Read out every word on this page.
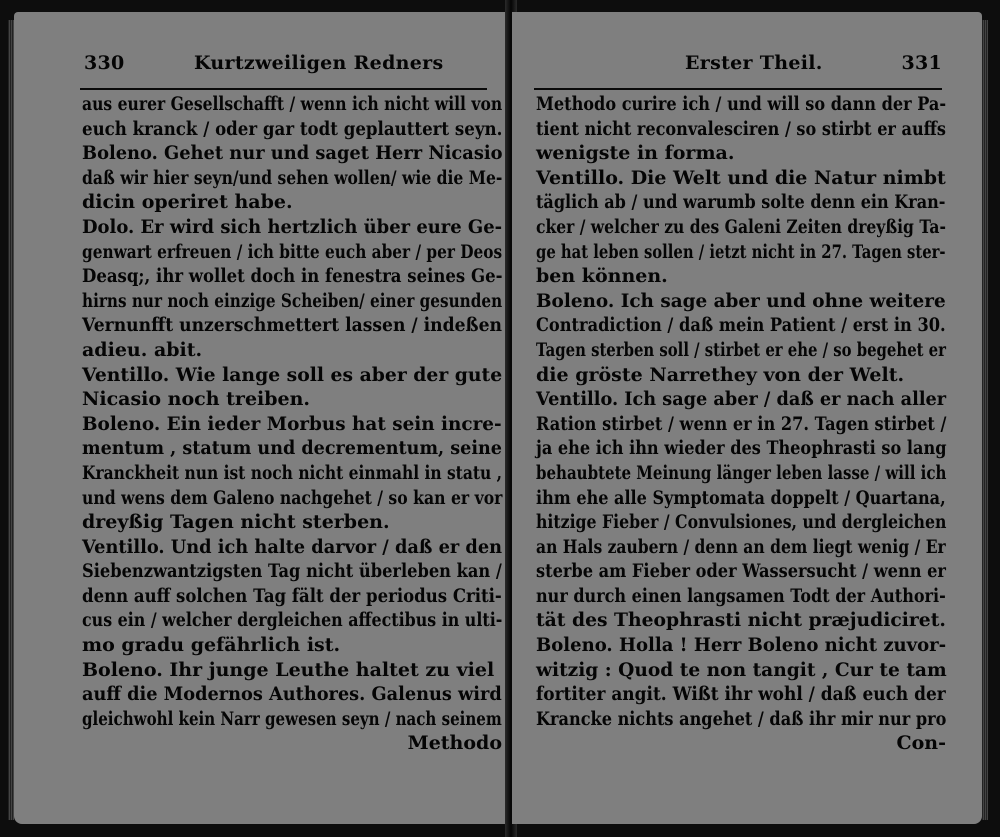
330	Kurtzweiligen Redners
aus eurer Gesellschafft / wenn ich nicht will von
euch kranck / oder gar todt geplauttert seyn.
Boleno. Gehet nur und saget Herr Nicasio
daß wir hier seyn/und sehen wollen/ wie die Me-
dicin operiret habe.
Dolo. Er wird sich hertzlich über eure Ge-
genwart erfreuen / ich bitte euch aber / per Deos
Deasq;, ihr wollet doch in fenestra seines Ge-
hirns nur noch einzige Scheiben/ einer gesunden
Vernunfft unzerschmettert lassen / indeßen
adieu. abit.
Ventillo. Wie lange soll es aber der gute
Nicasio noch treiben.
Boleno. Ein ieder Morbus hat sein incre-
mentum , statum und decrementum, seine
Kranckheit nun ist noch nicht einmahl in statu ,
und wens dem Galeno nachgehet / so kan er vor
dreyßig Tagen nicht sterben.
Ventillo. Und ich halte darvor / daß er den
Siebenzwantzigsten Tag nicht überleben kan /
denn auff solchen Tag fält der periodus Criti-
cus ein / welcher dergleichen affectibus in ulti-
mo gradu gefährlich ist.
Boleno. Ihr junge Leuthe haltet zu viel
auff die Modernos Authores. Galenus wird
gleichwohl kein Narr gewesen seyn / nach seinem
Methodo
Erster Theil.	331
Methodo curire ich / und will so dann der Pa-
tient nicht reconvalesciren / so stirbt er auffs
wenigste in forma.
Ventillo. Die Welt und die Natur nimbt
täglich ab / und warumb solte denn ein Kran-
cker / welcher zu des Galeni Zeiten dreyßig Ta-
ge hat leben sollen / ietzt nicht in 27. Tagen ster-
ben können.
Boleno. Ich sage aber und ohne weitere
Contradiction / daß mein Patient / erst in 30.
Tagen sterben soll / stirbet er ehe / so begehet er
die gröste Narrethey von der Welt.
Ventillo. Ich sage aber / daß er nach aller
Ration stirbet / wenn er in 27. Tagen stirbet /
ja ehe ich ihn wieder des Theophrasti so lang
behaubtete Meinung länger leben lasse / will ich
ihm ehe alle Symptomata doppelt / Quartana,
hitzige Fieber / Convulsiones, und dergleichen
an Hals zaubern / denn an dem liegt wenig / Er
sterbe am Fieber oder Wassersucht / wenn er
nur durch einen langsamen Todt der Authori-
tät des Theophrasti nicht præjudiciret.
Boleno. Holla ! Herr Boleno nicht zuvor-
witzig : Quod te non tangit , Cur te tam
fortiter angit. Wißt ihr wohl / daß euch der
Krancke nichts angehet / daß ihr mir nur pro
Con-
